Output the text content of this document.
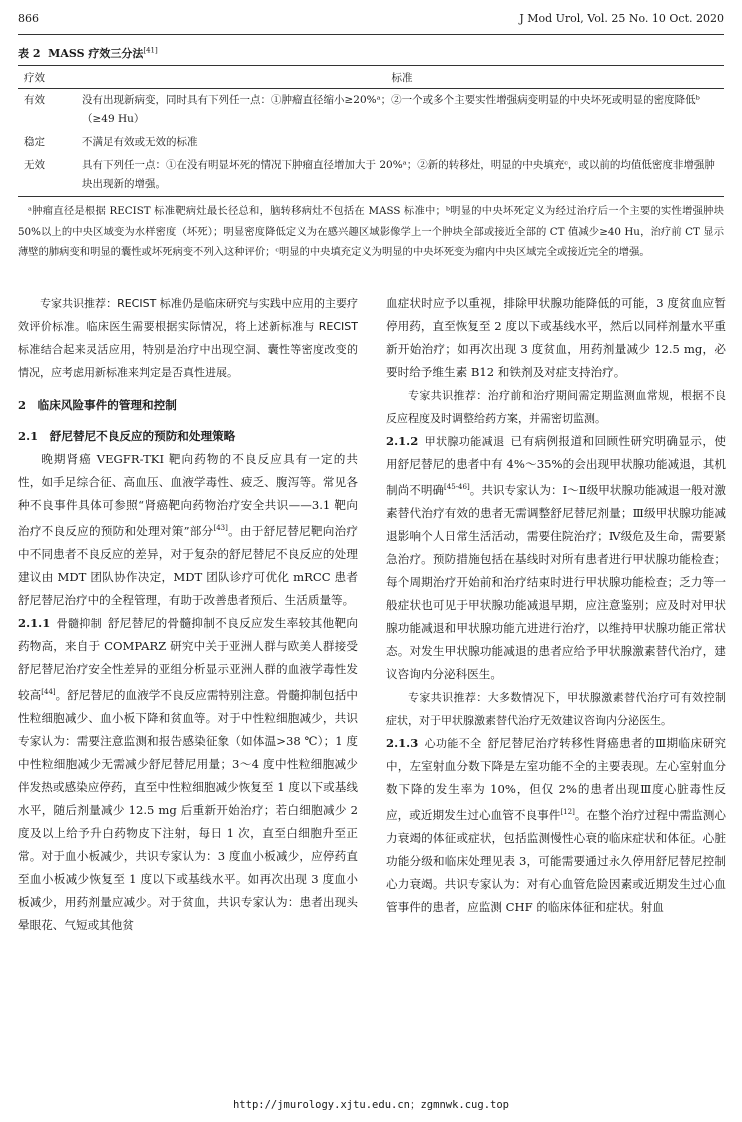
866	J Mod Urol, Vol. 25 No. 10 Oct. 2020
表 2 MASS 疗效三分法[41]
疗效	标准
有效	没有出现新病变，同时具有下列任一点：①肿瘤直径缩小≥20%ᵃ；②一个或多个主要实性增强病变明显的中央坏死或明显的密度降低ᵇ（≥49 Hu）
稳定	不满足有效或无效的标准
无效	具有下列任一点：①在没有明显坏死的情况下肿瘤直径增加大于 20%ᵃ；②新的转移灶，明显的中央填充ᶜ，或以前的均值低密度非增强肿块出现新的增强。
ᵃ肿瘤直径是根据 RECIST 标准靶病灶最长径总和，脑转移病灶不包括在 MASS 标准中；ᵇ明显的中央坏死定义为经过治疗后一个主要的实性增强肿块 50%以上的中央区域变为水样密度（坏死）；明显密度降低定义为在感兴趣区域影像学上一个肿块全部或接近全部的 CT 值减少≥40 Hu，治疗前 CT 显示薄壁的肺病变和明显的囊性或坏死病变不列入这种评价；ᶜ明显的中央填充定义为明显的中央坏死变为瘤内中央区域完全或接近完全的增强。

专家共识推荐：RECIST 标准仍是临床研究与实践中应用的主要疗效评价标准。临床医生需要根据实际情况，将上述新标准与 RECIST 标准结合起来灵活应用，特别是治疗中出现空洞、囊性等密度改变的情况，应考虑用新标准来判定是否真性进展。

2　临床风险事件的管理和控制

2.1　舒尼替尼不良反应的预防和处理策略

晚期肾癌 VEGFR-TKI 靶向药物的不良反应具有一定的共性，如手足综合征、高血压、血液学毒性、疲乏、腹泻等。常见各种不良事件具体可参照“肾癌靶向药物治疗安全共识——3.1 靶向治疗不良反应的预防和处理对策”部分[43]。由于舒尼替尼靶向治疗中不同患者不良反应的差异，对于复杂的舒尼替尼不良反应的处理建议由 MDT 团队协作决定，MDT 团队诊疗可优化 mRCC 患者舒尼替尼治疗中的全程管理，有助于改善患者预后、生活质量等。

2.1.1 骨髓抑制 舒尼替尼的骨髓抑制不良反应发生率较其他靶向药物高，来自于 COMPARZ 研究中关于亚洲人群与欧美人群接受舒尼替尼治疗安全性差异的亚组分析显示亚洲人群的血液学毒性发较高[44]。舒尼替尼的血液学不良反应需特别注意。骨髓抑制包括中性粒细胞减少、血小板下降和贫血等。对于中性粒细胞减少，共识专家认为：需要注意监测和报告感染征象（如体温>38 ℃）；1 度中性粒细胞减少无需减少舒尼替尼用量；3～4 度中性粒细胞减少伴发热或感染应停药，直至中性粒细胞减少恢复至 1 度以下或基线水平，随后剂量减少 12.5 mg 后重新开始治疗；若白细胞减少 2 度及以上给予升白药物皮下注射，每日 1 次，直至白细胞升至正常。对于血小板减少，共识专家认为：3 度血小板减少，应停药直至血小板减少恢复至 1 度以下或基线水平。如再次出现 3 度血小板减少，用药剂量应减少。对于贫血，共识专家认为：患者出现头晕眼花、气短或其他贫

血症状时应予以重视，排除甲状腺功能降低的可能，3 度贫血应暂停用药，直至恢复至 2 度以下或基线水平，然后以同样剂量水平重新开始治疗；如再次出现 3 度贫血，用药剂量减少 12.5 mg，必要时给予维生素 B12 和铁剂及对症支持治疗。

专家共识推荐：治疗前和治疗期间需定期监测血常规，根据不良反应程度及时调整给药方案，并需密切监测。

2.1.2 甲状腺功能减退 已有病例报道和回顾性研究明确显示，使用舒尼替尼的患者中有 4%～35%的会出现甲状腺功能减退，其机制尚不明确[45-46]。共识专家认为：Ⅰ～Ⅱ级甲状腺功能减退一般对激素替代治疗有效的患者无需调整舒尼替尼剂量；Ⅲ级甲状腺功能减退影响个人日常生活活动，需要住院治疗；Ⅳ级危及生命，需要紧急治疗。预防措施包括在基线时对所有患者进行甲状腺功能检查；每个周期治疗开始前和治疗结束时进行甲状腺功能检查；乏力等一般症状也可见于甲状腺功能减退早期，应注意鉴别；应及时对甲状腺功能减退和甲状腺功能亢进进行治疗，以维持甲状腺功能正常状态。对发生甲状腺功能减退的患者应给予甲状腺激素替代治疗，建议咨询内分泌科医生。

专家共识推荐：大多数情况下，甲状腺激素替代治疗可有效控制症状，对于甲状腺激素替代治疗无效建议咨询内分泌医生。

2.1.3 心功能不全 舒尼替尼治疗转移性肾癌患者的Ⅲ期临床研究中，左室射血分数下降是左室功能不全的主要表现。左心室射血分数下降的发生率为 10%，但仅 2%的患者出现Ⅲ度心脏毒性反应，或近期发生过心血管不良事件[12]。在整个治疗过程中需监测心力衰竭的体征或症状，包括监测慢性心衰的临床症状和体征。心脏功能分级和临床处理见表 3，可能需要通过永久停用舒尼替尼控制心力衰竭。共识专家认为：对有心血管危险因素或近期发生过心血管事件的患者，应监测 CHF 的临床体征和症状。射血

http://jmurology.xjtu.edu.cn；zgmnwk.cug.top
